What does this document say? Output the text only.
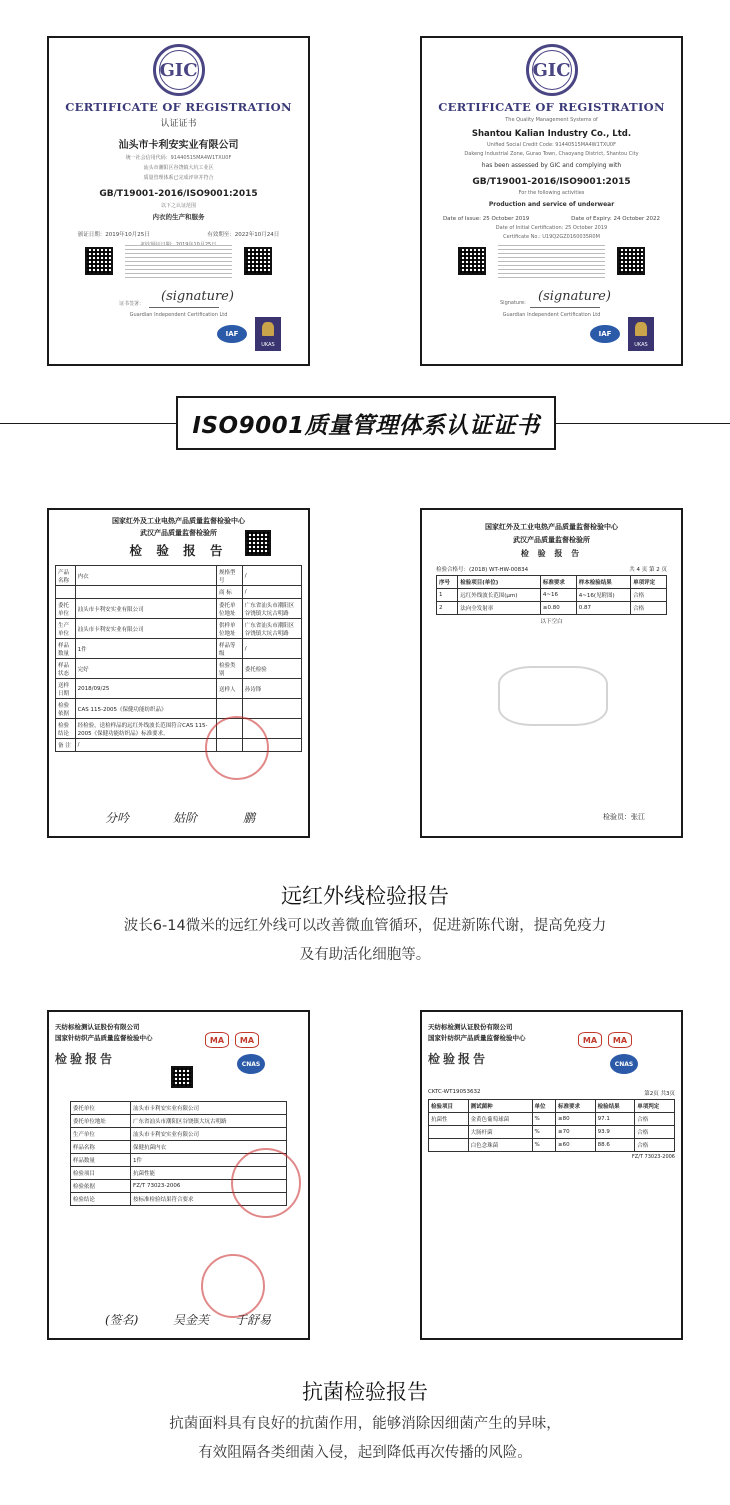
GIC
CERTIFICATE OF REGISTRATION
认证证书
汕头市卡利安实业有限公司
统一社会信用代码：91440515MA4W1TXU0F
汕头市潮阳区谷饶镇大坑工业区
质量管理体系已完成评审并符合
GB/T19001-2016/ISO9001:2015
以下之认证范围
内衣的生产和服务
颁证日期：2019年10月25日	有效期至：2022年10月24日
证书签署： (signature)
Guardian Independent Certification Ltd
IAF
UKAS
GIC
CERTIFICATE OF REGISTRATION
The Quality Management Systems of
Shantou Kalian Industry Co., Ltd.
Unified Social Credit Code: 91440515MA4W1TXU0F
Dakeng Industrial Zone, Gurao Town, Chaoyang District, Shantou City
has been assessed by GIC and complying with
GB/T19001-2016/ISO9001:2015
For the following activities
Production and service of underwear
Date of Issue: 25 October 2019	Date of Expiry: 24 October 2022
Date of Initial Certification: 25 October 2019
Certificate No.: U19Q2GZ0160035R0M
Signature: (signature)
Guardian Independent Certification Ltd
IAF
UKAS
ISO9001质量管理体系认证证书
国家红外及工业电热产品质量监督检验中心
武汉产品质量监督检验所
检 验 报 告
产品名称	内衣	规格型号	/
		商 标	/
委托单位	汕头市卡利安实业有限公司	委托单位地址	广东省汕头市潮阳区谷饶镇大坑古明路
生产单位	汕头市卡利安实业有限公司	供样单位地址	广东省汕头市潮阳区谷饶镇大坑古明路
样品数量	1件	样品等级	/
样品状态	完好	检验类别	委托检验
送样日期	2018/09/25	送样人	孙诗锋
检验依据	CAS 115-2005《保健功能纺织品》		
检验结论	经检验，送检样品的远红外线波长范围符合CAS 115-2005《保健功能纺织品》标准要求。		
备 注	/		
分吟	姑阶	鹏
国家红外及工业电热产品质量监督检验中心
武汉产品质量监督检验所
检 验 报 告
检验合格号：(2018) WT-HW-00834	共 4 页 第 2 页
序号	检验项目(单位)	标准要求	样本检验结果	单项评定
1	远红外线波长范围(μm)	4~16	4~16(见附图)	合格
2	法向全发射率	≥0.80	0.87	合格
以下空白
检验员：张江
远红外线检验报告
波长6-14微米的远红外线可以改善微血管循环，促进新陈代谢，提高免疫力
及有助活化细胞等。
天纺标检测认证股份有限公司
国家针纺织产品质量监督检验中心
检验报告
MA	MA
CNAS
委托单位	汕头市卡利安实业有限公司
委托单位地址	广东省汕头市潮阳区谷饶镇大坑古明路
生产单位	汕头市卡利安实业有限公司
样品名称	保健抗菌内衣
样品数量	1件
检验项目	抗菌性能
检验依据	FZ/T 73023-2006
检验结论	按标准检验结果符合要求
(签名)	吴金芙 于舒易
天纺标检测认证股份有限公司
国家针纺织产品质量监督检验中心
检验报告
MA	MA
CNAS
CKTC-WT19053632	第2页 共3页
检验项目	测试菌种	单位	标准要求	检验结果	单项判定
抗菌性	金黄色葡萄球菌	%	≥80	97.1	合格
	大肠杆菌	%	≥70	93.9	合格
	白色念珠菌	%	≥60	88.6	合格
FZ/T 73023-2006
抗菌检验报告
抗菌面料具有良好的抗菌作用，能够消除因细菌产生的异味，
有效阻隔各类细菌入侵，起到降低再次传播的风险。
